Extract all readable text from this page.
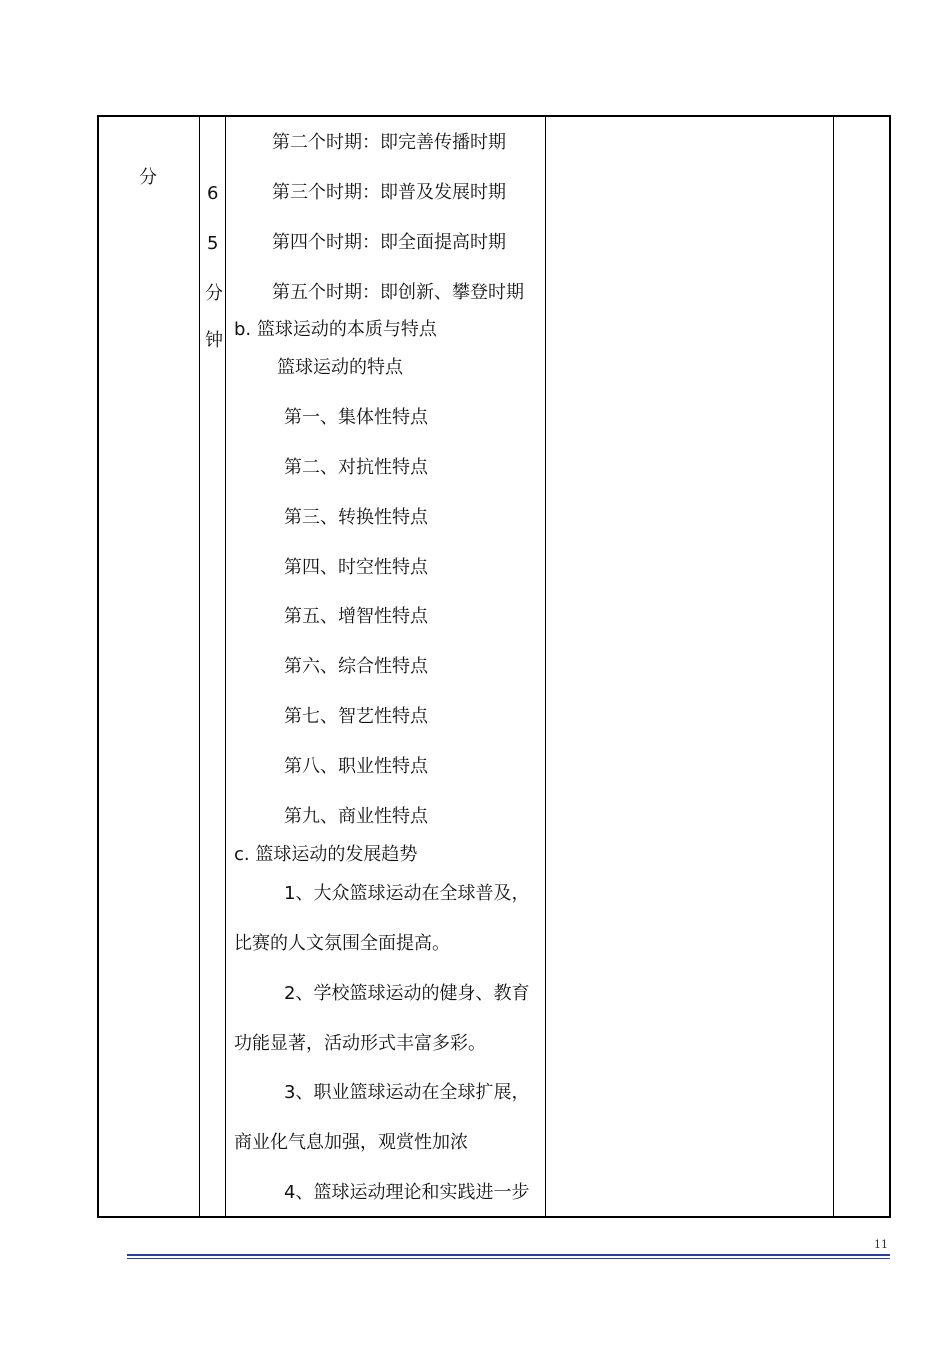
分
6
5
分
钟
第二个时期：即完善传播时期
第三个时期：即普及发展时期
第四个时期：即全面提高时期
第五个时期：即创新、攀登时期
b. 篮球运动的本质与特点
篮球运动的特点
第一、集体性特点
第二、对抗性特点
第三、转换性特点
第四、时空性特点
第五、增智性特点
第六、综合性特点
第七、智艺性特点
第八、职业性特点
第九、商业性特点
c. 篮球运动的发展趋势
1、大众篮球运动在全球普及，
比赛的人文氛围全面提高。
2、学校篮球运动的健身、教育
功能显著，活动形式丰富多彩。
3、职业篮球运动在全球扩展，
商业化气息加强，观赏性加浓
4、篮球运动理论和实践进一步
11
